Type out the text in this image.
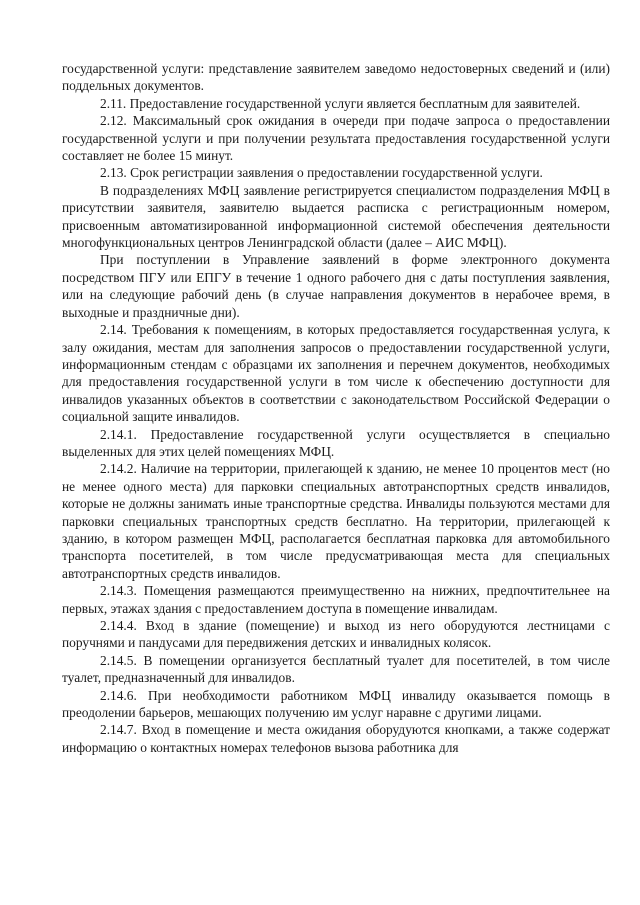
государственной услуги: представление заявителем заведомо недостоверных сведений и (или) поддельных документов.

2.11. Предоставление государственной услуги является бесплатным для заявителей.

2.12. Максимальный срок ожидания в очереди при подаче запроса о предоставлении государственной услуги и при получении результата предоставления государственной услуги составляет не более 15 минут.

2.13. Срок регистрации заявления о предоставлении государственной услуги.

В подразделениях МФЦ заявление регистрируется специалистом подразделения МФЦ в присутствии заявителя, заявителю выдается расписка с регистрационным номером, присвоенным автоматизированной информационной системой обеспечения деятельности многофункциональных центров Ленинградской области (далее – АИС МФЦ).

При поступлении в Управление заявлений в форме электронного документа посредством ПГУ или ЕПГУ в течение 1 одного рабочего дня с даты поступления заявления, или на следующие рабочий день (в случае направления документов в нерабочее время, в выходные и праздничные дни).

2.14. Требования к помещениям, в которых предоставляется государственная услуга, к залу ожидания, местам для заполнения запросов о предоставлении государственной услуги, информационным стендам с образцами их заполнения и перечнем документов, необходимых для предоставления государственной услуги в том числе к обеспечению доступности для инвалидов указанных объектов в соответствии с законодательством Российской Федерации о социальной защите инвалидов.

2.14.1. Предоставление государственной услуги осуществляется в специально выделенных для этих целей помещениях МФЦ.

2.14.2. Наличие на территории, прилегающей к зданию, не менее 10 процентов мест (но не менее одного места) для парковки специальных автотранспортных средств инвалидов, которые не должны занимать иные транспортные средства. Инвалиды пользуются местами для парковки специальных транспортных средств бесплатно. На территории, прилегающей к зданию, в котором размещен МФЦ, располагается бесплатная парковка для автомобильного транспорта посетителей, в том числе предусматривающая места для специальных автотранспортных средств инвалидов.

2.14.3. Помещения размещаются преимущественно на нижних, предпочтительнее на первых, этажах здания с предоставлением доступа в помещение инвалидам.

2.14.4. Вход в здание (помещение) и выход из него оборудуются лестницами с поручнями и пандусами для передвижения детских и инвалидных колясок.

2.14.5. В помещении организуется бесплатный туалет для посетителей, в том числе туалет, предназначенный для инвалидов.

2.14.6. При необходимости работником МФЦ инвалиду оказывается помощь в преодолении барьеров, мешающих получению им услуг наравне с другими лицами.

2.14.7. Вход в помещение и места ожидания оборудуются кнопками, а также содержат информацию о контактных номерах телефонов вызова работника для
